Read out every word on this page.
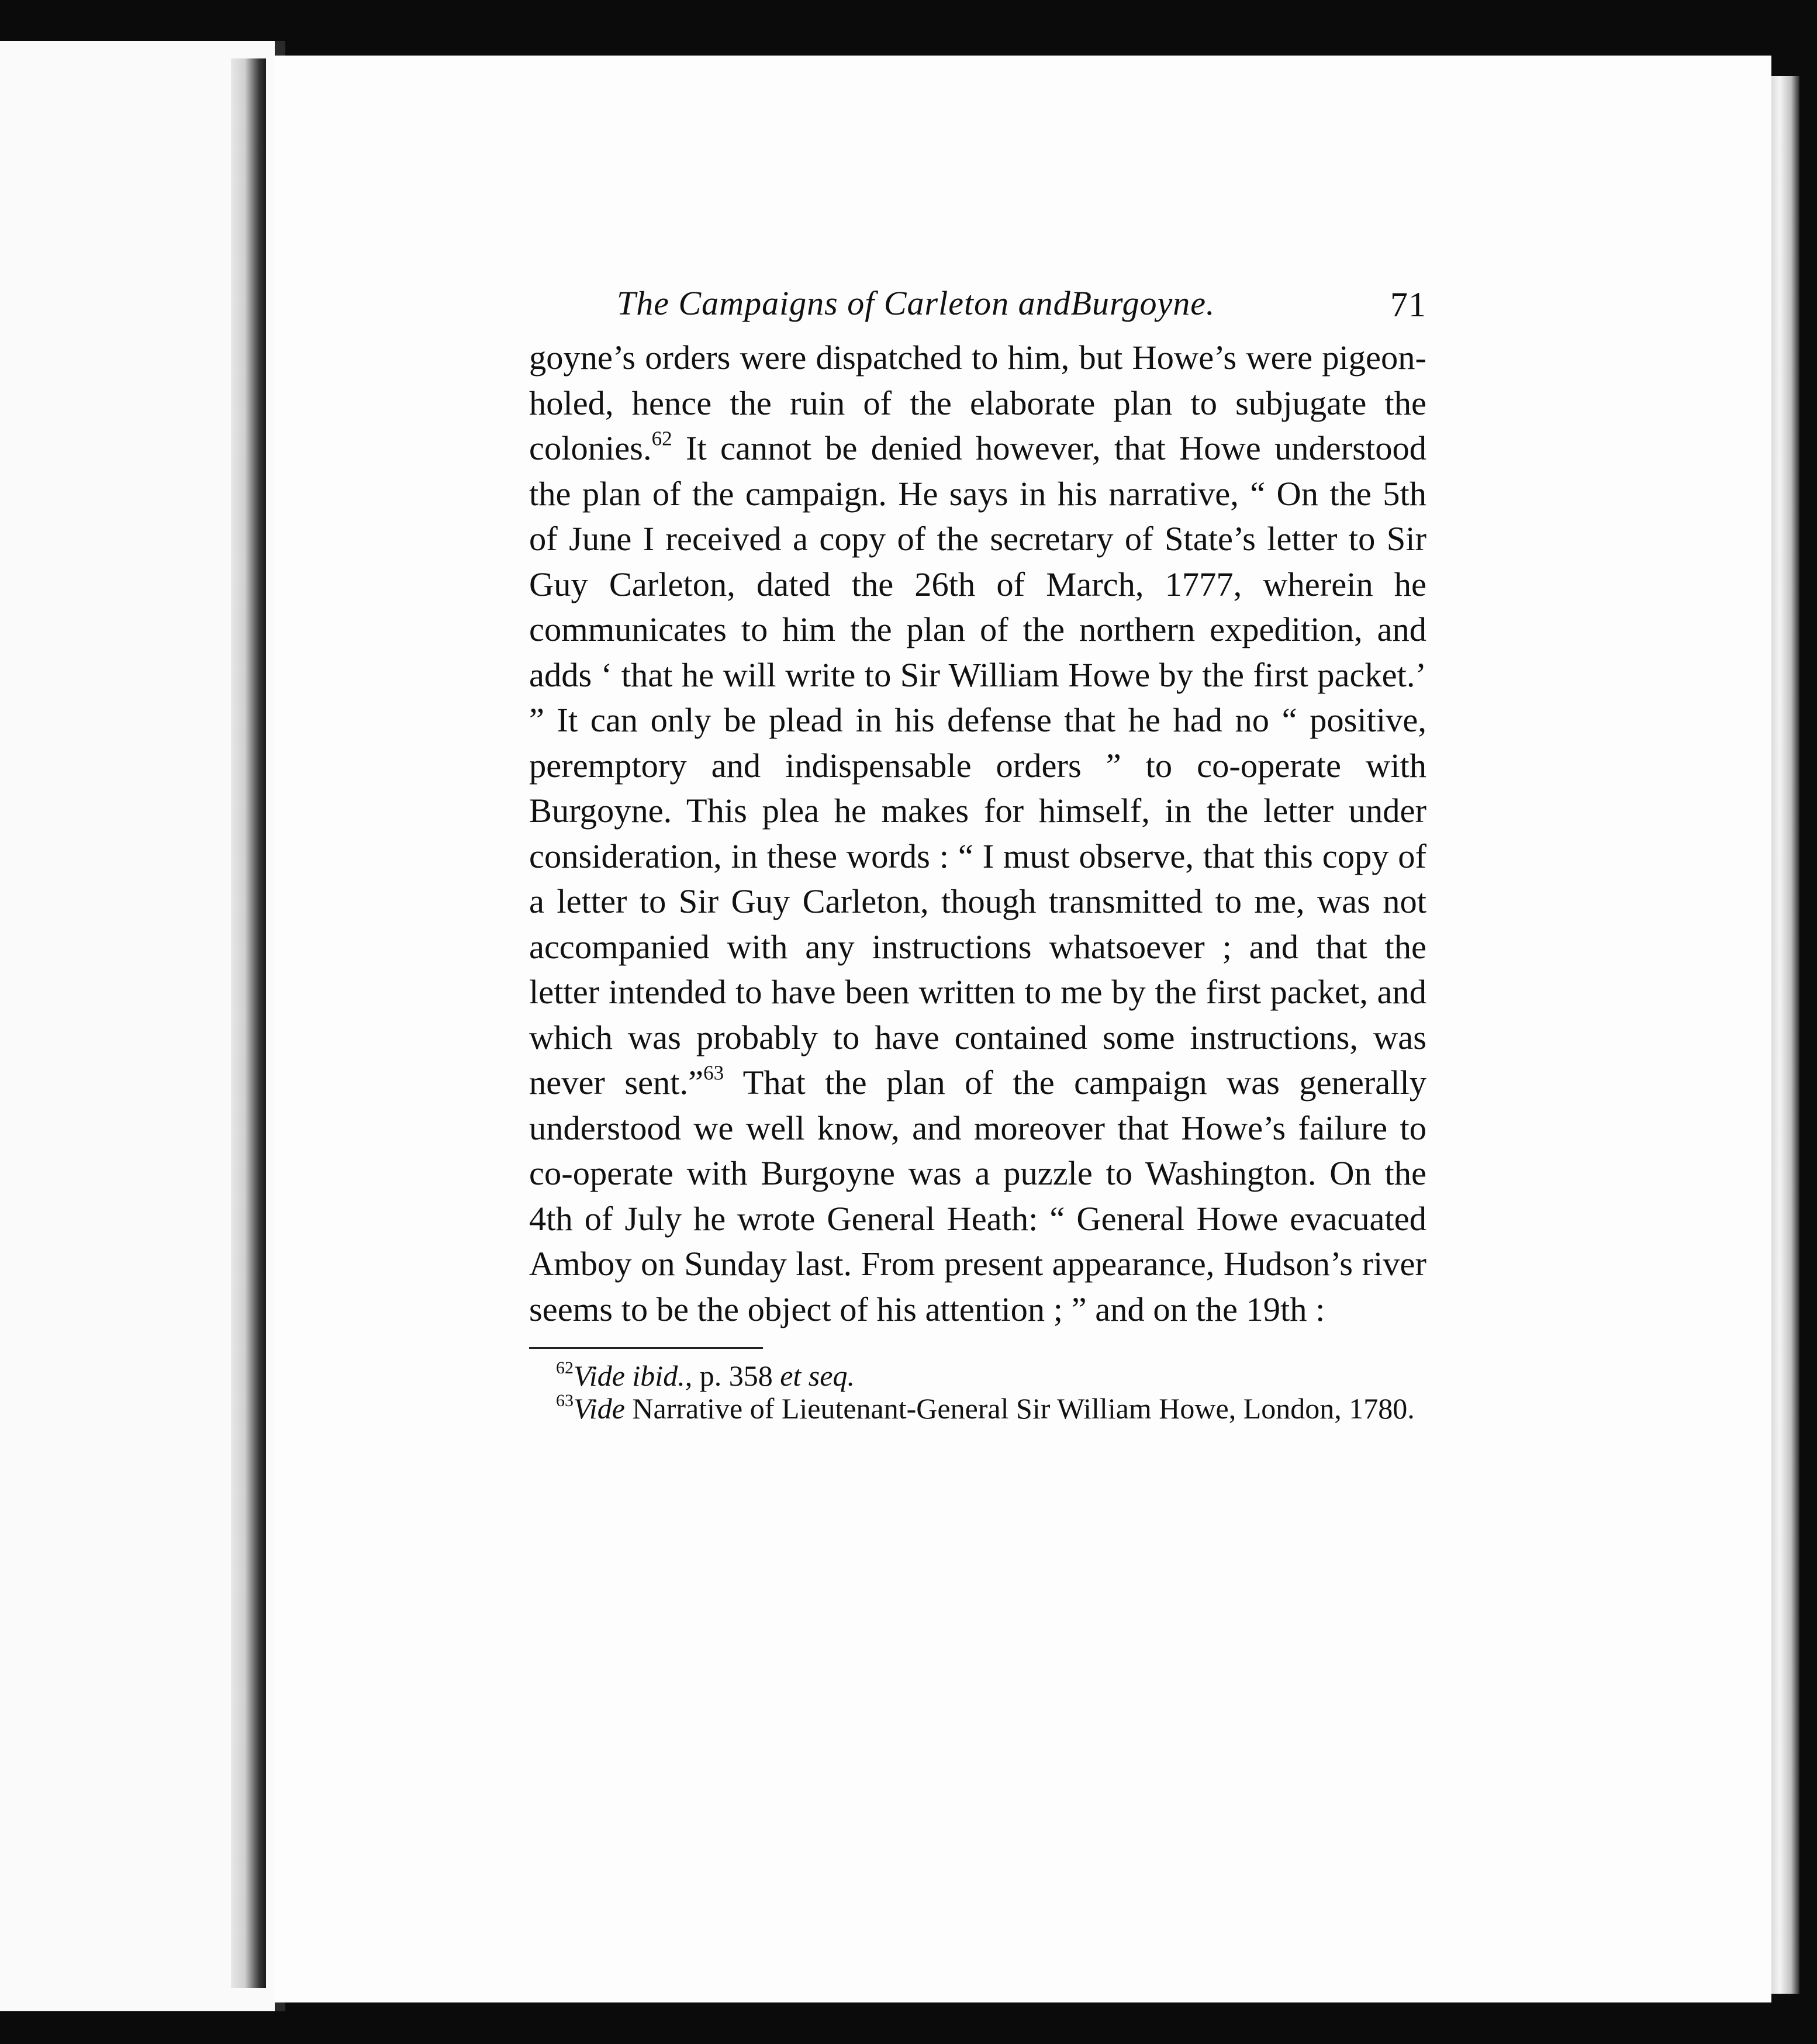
The Campaigns of Carleton andBurgoyne.	71

goyne’s orders were dispatched to him, but Howe’s were pigeon-holed, hence the ruin of the elaborate plan to subjugate the colonies.$^{62}$ It cannot be denied however, that Howe understood the plan of the campaign. He says in his narrative, “ On the 5th of June I received a copy of the secretary of State’s letter to Sir Guy Carleton, dated the 26th of March, 1777, wherein he communicates to him the plan of the northern expedition, and adds ‘ that he will write to Sir William Howe by the first packet.’ ” It can only be plead in his defense that he had no “ positive, peremptory and indispensable orders ” to co-operate with Burgoyne. This plea he makes for himself, in the letter under consideration, in these words : “ I must observe, that this copy of a letter to Sir Guy Carleton, though transmitted to me, was not accompanied with any instructions whatsoever ; and that the letter intended to have been written to me by the first packet, and which was probably to have contained some instructions, was never sent.”$^{63}$ That the plan of the campaign was generally understood we well know, and moreover that Howe’s failure to co-operate with Burgoyne was a puzzle to Washington. On the 4th of July he wrote General Heath: “ General Howe evacuated Amboy on Sunday last. From present appearance, Hudson’s river seems to be the object of his attention ; ” and on the 19th :

$^{62}$Vide ibid., p. 358 et seq.

$^{63}$Vide Narrative of Lieutenant-General Sir William Howe, London, 1780.
